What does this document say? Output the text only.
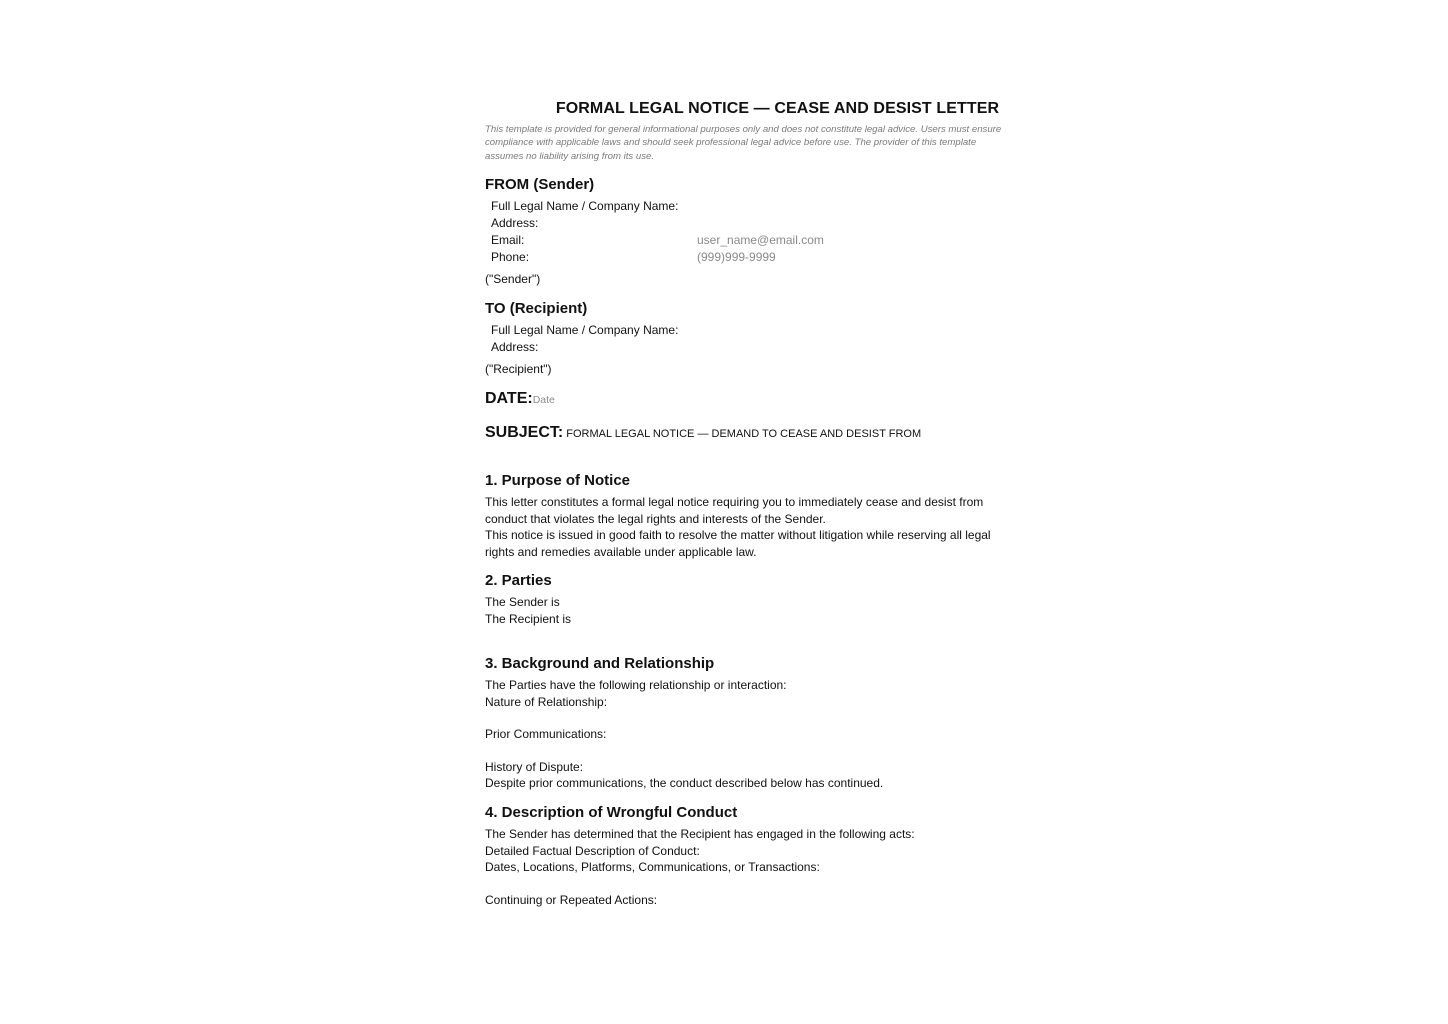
FORMAL LEGAL NOTICE — CEASE AND DESIST LETTER
This template is provided for general informational purposes only and does not constitute legal advice. Users must ensure compliance with applicable laws and should seek professional legal advice before use. The provider of this template assumes no liability arising from its use.
FROM (Sender)
Full Legal Name / Company Name:
Address:
Email:	user_name@email.com
Phone:	(999)999-9999
("Sender")
TO (Recipient)
Full Legal Name / Company Name:
Address:
("Recipient")
DATE: Date
SUBJECT: FORMAL LEGAL NOTICE — DEMAND TO CEASE AND DESIST FROM
1. Purpose of Notice

This letter constitutes a formal legal notice requiring you to immediately cease and desist from conduct that violates the legal rights and interests of the Sender.

This notice is issued in good faith to resolve the matter without litigation while reserving all legal rights and remedies available under applicable law.

2. Parties

The Sender is

The Recipient is

3. Background and Relationship

The Parties have the following relationship or interaction:

Nature of Relationship:

Prior Communications:

History of Dispute:

Despite prior communications, the conduct described below has continued.

4. Description of Wrongful Conduct

The Sender has determined that the Recipient has engaged in the following acts:

Detailed Factual Description of Conduct:

Dates, Locations, Platforms, Communications, or Transactions:

Continuing or Repeated Actions:
